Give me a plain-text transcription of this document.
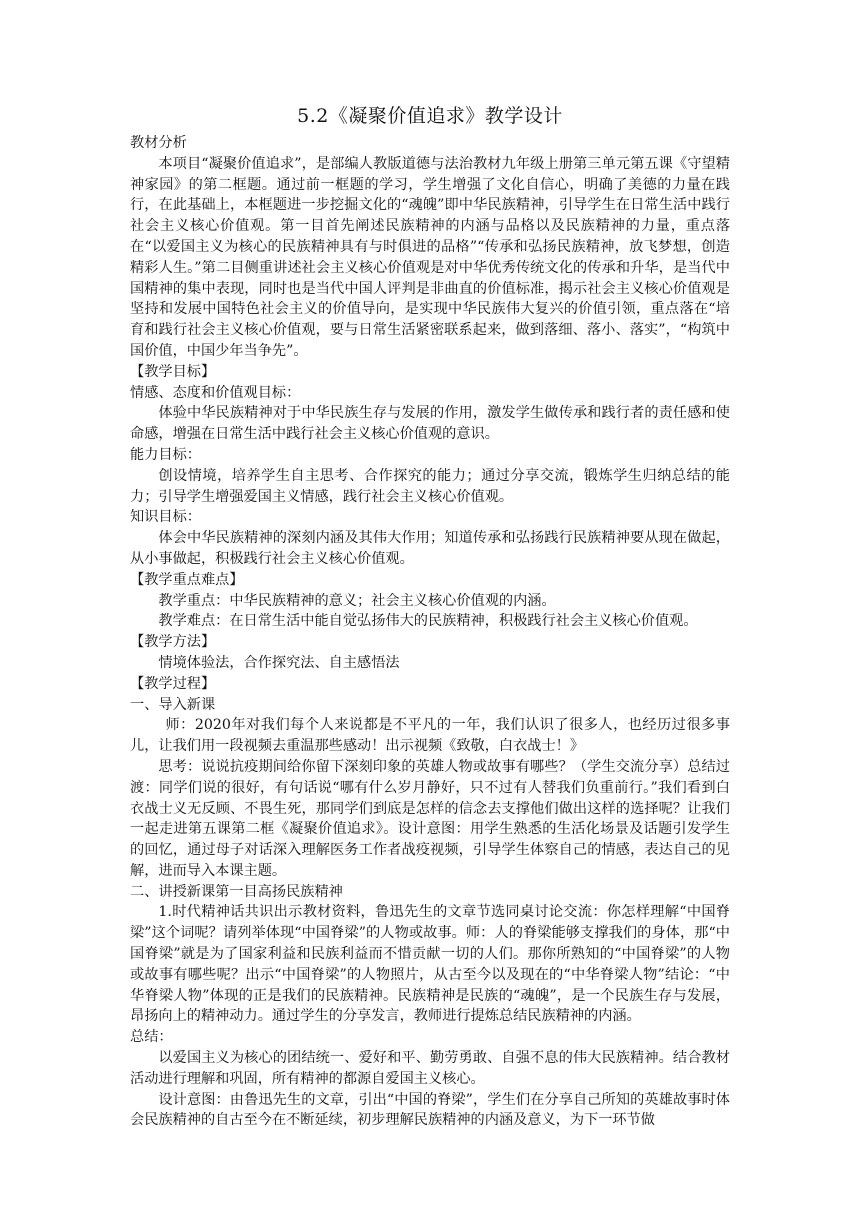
5.2《凝聚价值追求》教学设计

教材分析

本项目“凝聚价值追求”，是部编人教版道德与法治教材九年级上册第三单元第五课《守望精神家园》的第二框题。通过前一框题的学习，学生增强了文化自信心，明确了美德的力量在践行，在此基础上，本框题进一步挖掘文化的“魂魄”即中华民族精神，引导学生在日常生活中践行社会主义核心价值观。第一目首先阐述民族精神的内涵与品格以及民族精神的力量，重点落在“以爱国主义为核心的民族精神具有与时俱进的品格”“传承和弘扬民族精神，放飞梦想，创造精彩人生。”第二目侧重讲述社会主义核心价值观是对中华优秀传统文化的传承和升华，是当代中国精神的集中表现，同时也是当代中国人评判是非曲直的价值标准，揭示社会主义核心价值观是坚持和发展中国特色社会主义的价值导向，是实现中华民族伟大复兴的价值引领，重点落在“培育和践行社会主义核心价值观，要与日常生活紧密联系起来，做到落细、落小、落实”，“构筑中国价值，中国少年当争先”。

【教学目标】

情感、态度和价值观目标：

体验中华民族精神对于中华民族生存与发展的作用，激发学生做传承和践行者的责任感和使命感，增强在日常生活中践行社会主义核心价值观的意识。

能力目标：

创设情境，培养学生自主思考、合作探究的能力；通过分享交流，锻炼学生归纳总结的能力；引导学生增强爱国主义情感，践行社会主义核心价值观。

知识目标：

体会中华民族精神的深刻内涵及其伟大作用；知道传承和弘扬践行民族精神要从现在做起，从小事做起，积极践行社会主义核心价值观。

【教学重点难点】

教学重点：中华民族精神的意义；社会主义核心价值观的内涵。

教学难点：在日常生活中能自觉弘扬伟大的民族精神，积极践行社会主义核心价值观。

【教学方法】

情境体验法，合作探究法、自主感悟法

【教学过程】

一、导入新课

师：2020年对我们每个人来说都是不平凡的一年，我们认识了很多人，也经历过很多事儿，让我们用一段视频去重温那些感动！出示视频《致敬，白衣战士！》

思考：说说抗疫期间给你留下深刻印象的英雄人物或故事有哪些？（学生交流分享）总结过渡：同学们说的很好，有句话说“哪有什么岁月静好，只不过有人替我们负重前行。”我们看到白衣战士义无反顾、不畏生死，那同学们到底是怎样的信念去支撑他们做出这样的选择呢？让我们一起走进第五课第二框《凝聚价值追求》。设计意图：用学生熟悉的生活化场景及话题引发学生的回忆，通过母子对话深入理解医务工作者战疫视频，引导学生体察自己的情感，表达自己的见解，进而导入本课主题。

二、讲授新课第一目高扬民族精神

1.时代精神话共识出示教材资料，鲁迅先生的文章节选同桌讨论交流：你怎样理解“中国脊梁”这个词呢？请列举体现“中国脊梁”的人物或故事。师：人的脊梁能够支撑我们的身体，那“中国脊梁”就是为了国家利益和民族利益而不惜贡献一切的人们。那你所熟知的“中国脊梁”的人物或故事有哪些呢？出示“中国脊梁”的人物照片，从古至今以及现在的“中华脊梁人物”结论：“中华脊梁人物”体现的正是我们的民族精神。民族精神是民族的“魂魄”，是一个民族生存与发展，昂扬向上的精神动力。通过学生的分享发言，教师进行提炼总结民族精神的内涵。

总结：

以爱国主义为核心的团结统一、爱好和平、勤劳勇敢、自强不息的伟大民族精神。结合教材活动进行理解和巩固，所有精神的都源自爱国主义核心。

设计意图：由鲁迅先生的文章，引出“中国的脊梁”，学生们在分享自己所知的英雄故事时体会民族精神的自古至今在不断延续，初步理解民族精神的内涵及意义，为下一环节做
